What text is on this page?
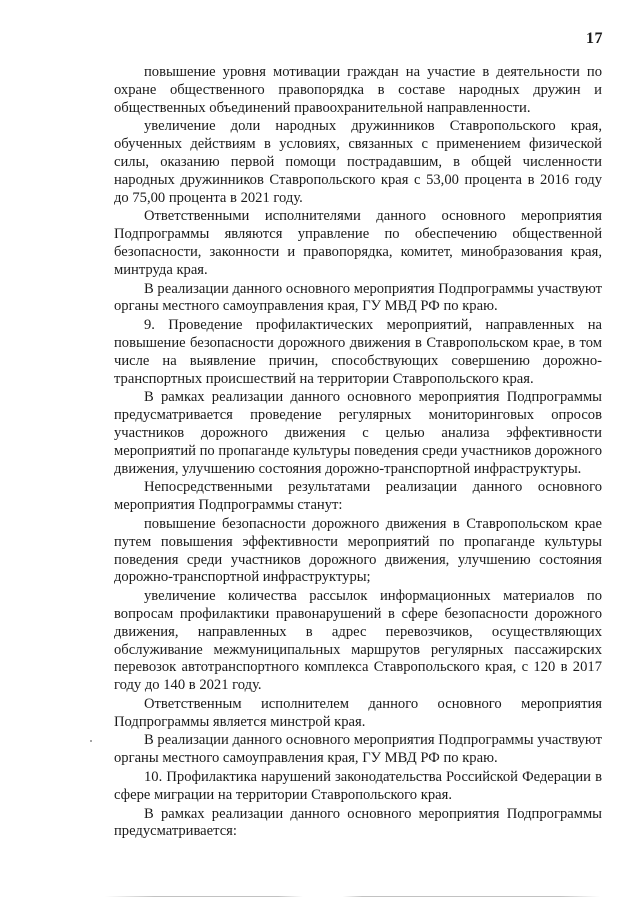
17

повышение уровня мотивации граждан на участие в деятельности по охране общественного правопорядка в составе народных дружин и общественных объединений правоохранительной направленности.

увеличение доли народных дружинников Ставропольского края, обученных действиям в условиях, связанных с применением физической силы, оказанию первой помощи пострадавшим, в общей численности народных дружинников Ставропольского края с 53,00 процента в 2016 году до 75,00 процента в 2021 году.

Ответственными исполнителями данного основного мероприятия Подпрограммы являются управление по обеспечению общественной безопасности, законности и правопорядка, комитет, минобразования края, минтруда края.

В реализации данного основного мероприятия Подпрограммы участвуют органы местного самоуправления края, ГУ МВД РФ по краю.

9. Проведение профилактических мероприятий, направленных на повышение безопасности дорожного движения в Ставропольском крае, в том числе на выявление причин, способствующих совершению дорожно-транспортных происшествий на территории Ставропольского края.

В рамках реализации данного основного мероприятия Подпрограммы предусматривается проведение регулярных мониторинговых опросов участников дорожного движения с целью анализа эффективности мероприятий по пропаганде культуры поведения среди участников дорожного движения, улучшению состояния дорожно-транспортной инфраструктуры.

Непосредственными результатами реализации данного основного мероприятия Подпрограммы станут:

повышение безопасности дорожного движения в Ставропольском крае путем повышения эффективности мероприятий по пропаганде культуры поведения среди участников дорожного движения, улучшению состояния дорожно-транспортной инфраструктуры;

увеличение количества рассылок информационных материалов по вопросам профилактики правонарушений в сфере безопасности дорожного движения, направленных в адрес перевозчиков, осуществляющих обслуживание межмуниципальных маршрутов регулярных пассажирских перевозок автотранспортного комплекса Ставропольского края, с 120 в 2017 году до 140 в 2021 году.

Ответственным исполнителем данного основного мероприятия Подпрограммы является минстрой края.

В реализации данного основного мероприятия Подпрограммы участвуют органы местного самоуправления края, ГУ МВД РФ по краю.

10. Профилактика нарушений законодательства Российской Федерации в сфере миграции на территории Ставропольского края.

В рамках реализации данного основного мероприятия Подпрограммы предусматривается:
